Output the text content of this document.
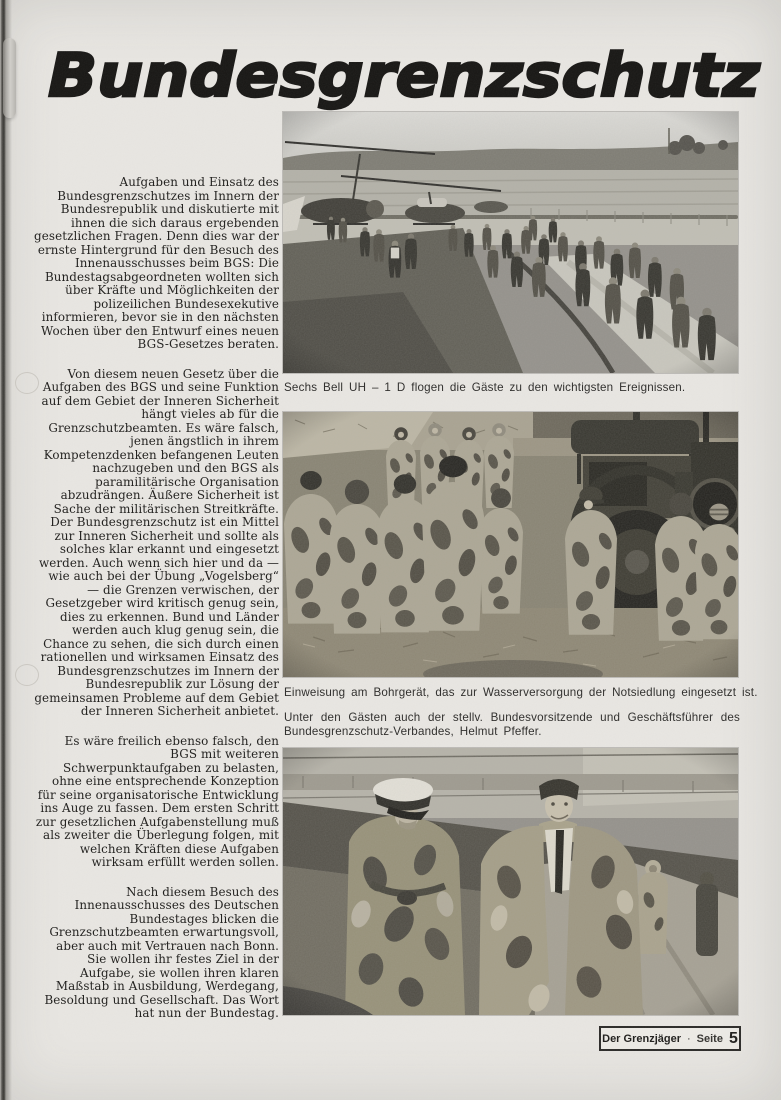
Bundesgrenzschutz

Aufgaben und Einsatz des Bundesgrenzschutzes im Innern der Bundesrepublik und diskutierte mit ihnen die sich daraus ergebenden gesetzlichen Fragen. Denn dies war der ernste Hintergrund für den Besuch des Innenausschusses beim BGS: Die Bundestagsabgeordneten wollten sich über Kräfte und Möglichkeiten der polizeilichen Bundesexekutive informieren, bevor sie in den nächsten Wochen über den Entwurf eines neuen BGS-Gesetzes beraten.

Von diesem neuen Gesetz über die Aufgaben des BGS und seine Funktion auf dem Gebiet der Inneren Sicherheit hängt vieles ab für die Grenzschutzbeamten. Es wäre falsch, jenen ängstlich in ihrem Kompetenzdenken befangenen Leuten nachzugeben und den BGS als paramilitärische Organisation abzudrängen. Äußere Sicherheit ist Sache der militärischen Streitkräfte. Der Bundesgrenzschutz ist ein Mittel zur Inneren Sicherheit und sollte als solches klar erkannt und eingesetzt werden. Auch wenn sich hier und da — wie auch bei der Übung „Vogelsberg“ — die Grenzen verwischen, der Gesetzgeber wird kritisch genug sein, dies zu erkennen. Bund und Länder werden auch klug genug sein, die Chance zu sehen, die sich durch einen rationellen und wirksamen Einsatz des Bundesgrenzschutzes im Innern der Bundesrepublik zur Lösung der gemeinsamen Probleme auf dem Gebiet der Inneren Sicherheit anbietet.

Es wäre freilich ebenso falsch, den BGS mit weiteren Schwerpunktaufgaben zu belasten, ohne eine entsprechende Konzeption für seine organisatorische Entwicklung ins Auge zu fassen. Dem ersten Schritt zur gesetzlichen Aufgabenstellung muß als zweiter die Überlegung folgen, mit welchen Kräften diese Aufgaben wirksam erfüllt werden sollen.

Nach diesem Besuch des Innenausschusses des Deutschen Bundestages blicken die Grenzschutzbeamten erwartungsvoll, aber auch mit Vertrauen nach Bonn. Sie wollen ihr festes Ziel in der Aufgabe, sie wollen ihren klaren Maßstab in Ausbildung, Werdegang, Besoldung und Gesellschaft. Das Wort hat nun der Bundestag.

Sechs Bell UH – 1 D flogen die Gäste zu den wichtigsten Ereignissen.
Einweisung am Bohrgerät, das zur Wasserversorgung der Notsiedlung eingesetzt ist.
Unter den Gästen auch der stellv. Bundesvorsitzende und Geschäftsführer des Bundesgrenzschutz-Verbandes, Helmut Pfeffer.
Der Grenzjäger · Seite 5
